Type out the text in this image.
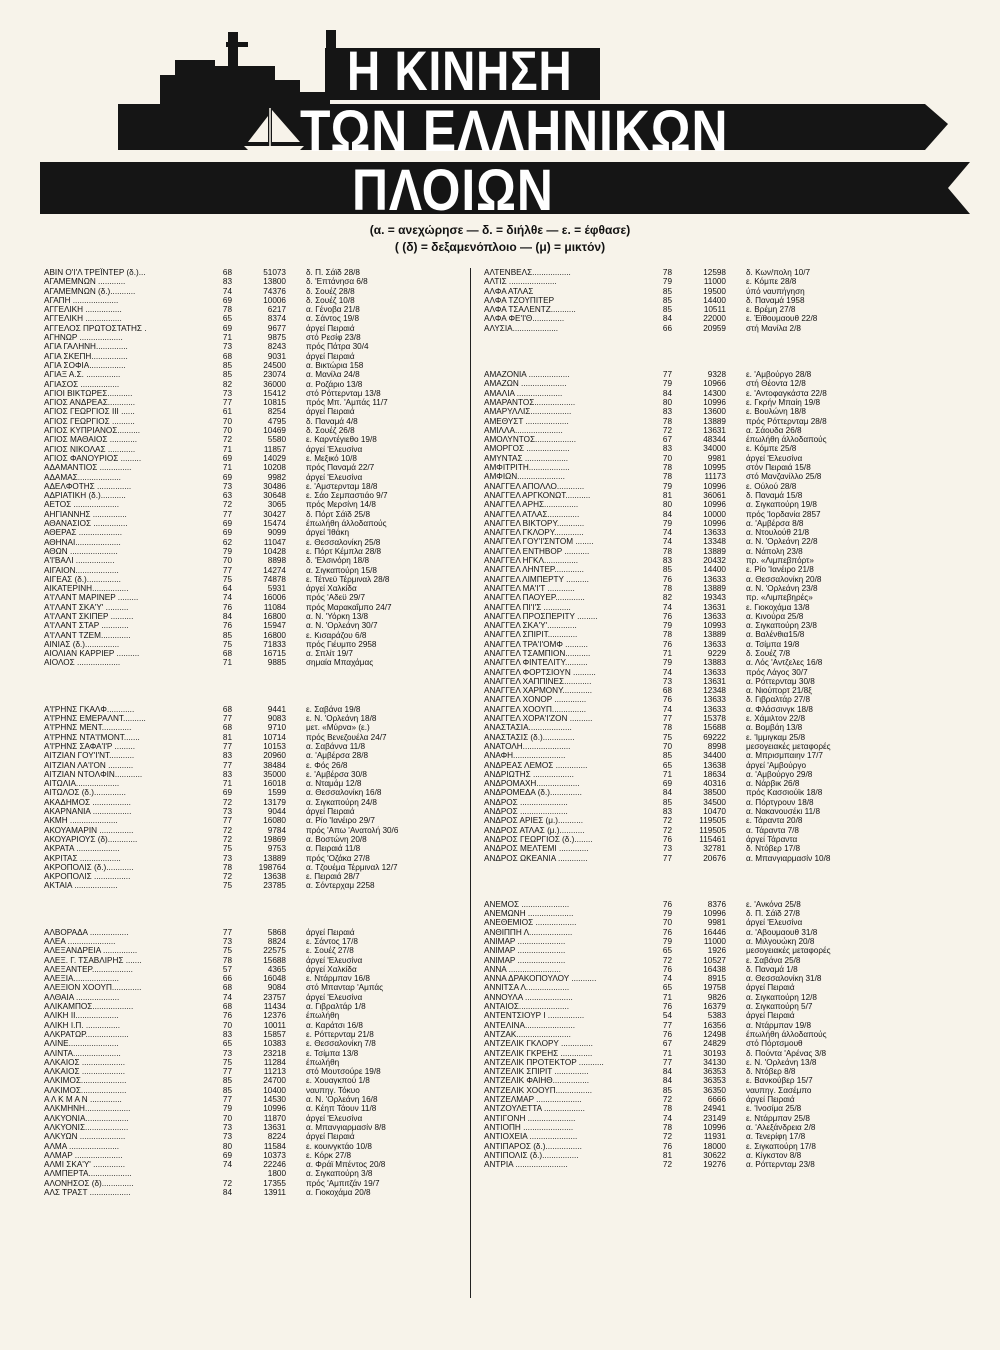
Η ΚΙΝΗΣΗ
ΤΩΝ ΕΛΛΗΝΙΚΩΝ
ΠΛΟΙΩΝ
(α. = ανεχώρησε — δ. = διήλθε — ε. = έφθασε)
( (δ) = δεξαμενόπλοιο — (μ) = μικτόν)
ΑΒΙΝ Ο'Ι'Λ ΤΡΕΪΝΤΕΡ (δ.)...	68	51073 δ. Π. Σάϊδ 28/8
ΑΓΑΜΕΜΝΩΝ ............	83	13800 δ. 'Επτάνησα 6/8
ΑΓΑΜΕΜΝΩΝ (δ.)...........	74	74376 δ. Σουέζ 28/8
ΑΓΑΠΗ ....................	69	10006 δ. Σουέζ 10/8
ΑΓΓΕΛΙΚΗ ................	78	6217 α. Γένοβα 21/8
ΑΓΓΕΛΙΚΗ ................	65	8374 α. Σάντος 19/8
ΑΓΓΕΛΟΣ ΠΡΩΤΟΣΤΑΤΗΣ .	69	9677 άργεί Πειραιά
ΑΓΗΝΩΡ ...................	71	9875 στό Ρεσίφ 23/8
ΑΓΙΑ ΓΑΛΗΝΗ..............	73	8243 πρός Πάτρα 30/4
ΑΓΙΑ ΣΚΕΠΗ................	68	9031 άργεί Πειραιά
ΑΓΙΑ ΣΟΦΙΑ................	85	24500 α. Βικτώρια 158
ΑΓΙΑΞ Α.Σ. ...............	85	23074 α. Μανίλα 24/8
ΑΓΙΑΣΟΣ .................	82	36000 α. Ροζάριο 13/8
ΑΓΙΟΙ ΒΙΚΤΩΡΕΣ...........	73	15412 στό Ρόττερνταμ 13/8
ΑΓΙΟΣ ΑΝΔΡΕΑΣ............	77	10815 πρός Μπ. 'Αμπάς 11/7
ΑΓΙΟΣ ΓΕΩΡΓΙΟΣ ΙΙΙ ......	61	8254 άργεί Πειραιά
ΑΓΙΟΣ ΓΕΩΡΓΙΟΣ ..........	70	4795 δ. Παναμά 4/8
ΑΓΙΟΣ ΚΥΠΡΙΑΝΟΣ..........	70	10469 δ. Σουέζ 26/8
ΑΓΙΟΣ ΜΑΘΑΙΟΣ ............	72	5580 ε. Καρντέγιεθο 19/8
ΑΓΙΟΣ ΝΙΚΟΛΑΣ ............	71	11857 άργεί 'Ελευσίνα
ΑΓΙΟΣ ΦΑΝΟΥΡΙΟΣ .........	69	14029 ε. Μεξικό 10/8
ΑΔΑΜΑΝΤΙΟΣ ..............	71	10208 πρός Παναμά 22/7
ΑΔΑΜΑΣ...................	69	9982 άργεί 'Ελευσίνα
ΑΔΕΛΦΟΤΗΣ ...............	73	30486 ε. 'Αμστερνταμ 18/8
ΑΔΡΙΑΤΙΚΗ (δ.)...........	63	30648 ε. Σάο Σεμπαστιάο 9/7
ΑΕΤΟΣ ....................	72	3065 πρός Μερσίνη 14/8
ΑΗΓΙΑΝΝΗΣ ...............	77	30427 δ. Πόρτ Σάϊδ 25/8
ΑΘΑΝΑΣΙΟΣ ...............	69	15474 έπωλήθη άλλοδαπούς
ΑΘΕΡΑΣ ...................	69	9099 άργεί 'Ιθάκη
ΑΘΗΝΑΙ....................	62	11047 ε. Θεσσαλονίκη 25/8
ΑΘΩΝ .....................	79	10428 ε. Πόρτ Κέμπλα 28/8
Α'Ι'ΒΑΛΙ .................	70	8898 δ. 'Ελσινόρη 18/8
ΑΙΓΑΙΟΝ...................	77	14274 α. Σιγκαπούρη 15/8
ΑΙΓΕΑΣ (δ.)...............	75	74878 ε. Τέτνεϋ Τέρμιναλ 28/8
ΑΙΚΑΤΕΡΙΝΗ................	64	5931 άργεί Χαλκίδα
Α'Ι'ΛΑΝΤ ΜΑΡΙΝΕΡ .........	74	16006 πρός 'Αδεϋ 29/7
Α'Ι'ΛΑΝΤ ΣΚΑ'Υ' ..........	76	11084 πρός Μαρακαΐμπο 24/7
Α'Ι'ΛΑΝΤ ΣΚΙΠΕΡ ..........	84	16800 α. Ν. 'Υόρκη 13/8
Α'Ι'ΛΑΝΤ ΣΤΑΡ ............	76	15947 α. Ν. 'Ορλεάνη 30/7
Α'Ι'ΛΑΝΤ ΤΖΕΜ.............	85	16800 ε. Κισαράζου 6/8
ΑΙΝΙΑΣ (δ.)...............	75	71833 πρός Γιέυμπο 2958
ΑΙΟΛΙΑΝ ΚΑΡΡΙΕΡ ..........	68	16715 α. Σπλίτ 19/7
ΑΙΟΛΟΣ ...................	71	9885 σημαία Μπαχάμας
Α'Ι'ΡΗΝΣ ΓΚΑΛΦ............	68	9441 ε. Σαβάνα 19/8
Α'Ι'ΡΗΝΣ ΕΜΕΡΑΛΝΤ..........	77	9083 ε. Ν. 'Ορλεάνη 18/8
Α'Ι'ΡΗΝΣ ΜΕΝΤ.............	68	9710 μετ. «Μύρνα» (ε.)
Α'Ι'ΡΗΝΣ ΝΤΑ'Ι'ΜΟΝΤ.......	81	10714 πρός Βενεζουέλα 24/7
Α'Ι'ΡΗΝΣ ΣΑΦΑ'Ι'Ρ .........	77	10153 α. Σαβάννα 11/8
ΑΙΤΖΙΑΝ ΓΟΥ'Ι'ΝΤ...........	83	20960 α. 'Αμβέρσα 28/8
ΑΙΤΖΙΑΝ ΛΑ'Ι'ΟΝ ...........	77	38484 ε. Φός 26/8
ΑΙΤΖΙΑΝ ΝΤΟΛΦΙΝ............	83	35000 ε. 'Αμβέρσα 30/8
ΑΙΤΩΛΙΑ...................	71	16018 α. Νταμάμ 12/8
ΑΙΤΩΛΟΣ (δ.)..............	69	1599 α. Θεσσαλονίκη 16/8
ΑΚΑΔΗΜΟΣ .................	72	13179 α. Σιγκαπούρη 24/8
ΑΚΑΡΝΑΝΙΑ .................	73	9044 άργεί Πειραιά
ΑΚΜΗ .....................	77	16080 α. Ρίο 'Ιανέιρο 29/7
ΑΚΟΥΑΜΑΡΙΝ ...............	72	9784 πρός 'Απω 'Ανατολή 30/6
ΑΚΟΥΑΡΙΟΥΣ (δ).............	72	19869 α. Βοστώνη 20/8
ΑΚΡΑΤΑ ...................	75	9753 α. Πειραιά 11/8
ΑΚΡΙΤΑΣ ..................	73	13889 πρός 'Οζάκα 27/8
ΑΚΡΟΠΟΛΙΣ (δ.)............	78	198764 α. Τζουέμα Τέρμιναλ 12/7
ΑΚΡΟΠΟΛΙΣ ................	72	13638 ε. Πειραιά 28/7
ΑΚΤΑΙΑ ...................	75	23785 α. Σόντερχαμ 2258
ΑΛΒΟΡΑΔΑ .................	77	5868 άργεί Πειραιά
ΑΛΕΑ .....................	73	8824 ε. Σάντος 17/8
ΑΛΕΞΑΝΔΡΕΙΑ ...............	75	22575 ε. Σουέζ 27/8
ΑΛΕΞ. Γ. ΤΣΑΒΛΙΡΗΣ .......	78	15688 άργεί 'Ελευσίνα
ΑΛΕΞΑΝΤΕΡ..................	57	4365 άργεί Χαλκίδα
ΑΛΕΞΙΑ....................	66	16048 ε. Ντάρμπαν 16/8
ΑΛΕΞΙΟΝ ΧΟΟΥΠ.............	68	9084 στό Μπανταρ 'Αμπάς
ΑΛΘΑΙΑ ...................	74	23757 άργεί 'Ελευσίνα
ΑΛΙΚΑΜΠΟΣ..................	68	11434 α. Γιβραλτάρ 1/8
ΑΛΙΚΗ ΙΙ...................	76	12376 έπωλήθη
ΑΛΙΚΗ Ι.Π. ...............	70	10011 α. Καράτσι 16/8
ΑΛΚΡΑΤΩΡ...................	83	15857 ε. Ρόττερνταμ 21/8
ΑΛΙΝΕ......................	65	10383 ε. Θεσσαλονίκη 7/8
ΑΛΙΝΤΑ.....................	73	23218 ε. Τσίμπα 13/8
ΑΛΚΑΙΟΣ ...................	75	11284 έπωλήθη
ΑΛΚΑΙΟΣ ...................	77	11213 στό Μουτσούρε 19/8
ΑΛΚΙΜΟΣ....................	85	24700 ε. Χουαγκπού 1/8
ΑΛΚΙΜΟΣ....................	85	10400 ναυπηγ. Τόκυο
Α Λ Κ Μ Α Ν ..............	77	14530 α. Ν. 'Ορλεάνη 16/8
ΑΛΚΜΗΝΗ....................	79	10996 α. Κέηπ Τάουν 11/8
ΑΛΚΥΟΝΙΑ...................	70	11870 άργεί 'Ελευσίνα
ΑΛΚΥΟΝΙΣ...................	73	13631 α. Μπανγιαρμασίν 8/8
ΑΛΚΥΩΝ ....................	73	8224 άργεί Πειραιά
ΑΛΜΑ ......................	80	11584 ε. κουινγκτάο 10/8
ΑΛΜΑΡ .....................	69	10373 ε. Κόρκ 27/8
ΑΛΜΙ ΣΚΑ'Υ' ..............	74	22246 α. Φράϊ Μπέντος 20/8
ΑΛΜΠΕΡΤΑ...................	1800 α. Σιγκαπούρη 3/8
ΑΛΟΝΗΣΟΣ (δ)..............	72	17355 πρός 'Αμπιτζάν 19/7
ΑΛΣ ΤΡΑΣΤ ..................	84	13911 α. Γιοκοχάμα 20/8
ΑΛΤΕΝΒΕΛΣ.................	78	12598 δ. Κων/πολη 10/7
ΑΛΤΙΣ .....................	79	11000 ε. Κόμπε 28/8
ΑΛΦΑ ΑΤΛΑΣ	85	19500 ύπό ναυπήγηση
ΑΛΦΑ ΤΖΟΥΠΙΤΕΡ	85	14400 δ. Παναμά 1958
ΑΛΦΑ ΤΣΑΛΕΝΤΖ...........	85	10511 ε. Βρέμη 27/8
ΑΛΦΑ ΦΕ'Ι'Θ..............	84	22000 ε. Έϊθουμαουθ 22/8
ΑΛΥΣΙΑ....................	66	20959 στή Μανίλα 2/8
ΑΜΑΖΟΝΙΑ ..................	77	9328 ε. 'Αμβούργο 28/8
ΑΜΑΖΩΝ ....................	79	10966 στή Θέοντα 12/8
ΑΜΑΛΙΑ ....................	84	14300 ε. 'Αντοφαγκάστα 22/8
ΑΜΑΡΑΝΤΟΣ..................	80	10996 ε. Γκρήν Μπαίη 19/8
ΑΜΑΡΥΛΛΙΣ..................	83	13600 ε. Βουλώνη 18/8
ΑΜΕΘΥΣΤ ...................	78	13889 πρός Ρόττερνταμ 28/8
ΑΜΙΛΛΑ.....................	72	13631 α. Σάουδα 26/8
ΑΜΟΛΥΝΤΟΣ..................	67	48344 έπωλήθη άλλοδαπούς
ΑΜΟΡΓΟΣ ...................	83	34000 ε. Κόμπε 25/8
ΑΜΥΝΤΑΣ ...................	70	9981 άργεί 'Ελευσίνα
ΑΜΦΙΤΡΙΤΗ..................	78	10995 στόν Πειραιά 15/8
ΑΜΦΙΩΝ.....................	78	11173 στό Μανζανίλλο 25/8
ΑΝΑΓΓΕΛ ΑΠΟΛΛΟ............	79	10996 ε. Ούλού 28/8
ΑΝΑΓΓΕΛ ΑΡΓΚΟΝΩΤ...........	81	36061 δ. Παναμά 15/8
ΑΝΑΓΓΕΛ ΑΡΗΣ...............	80	10996 α. Σιγκαπούρη 19/8
ΑΝΑΓΓΕΛ ΑΤΛΑΣ..............	84	10000 πρός 'Ιορδανία 2857
ΑΝΑΓΓΕΛ ΒΙΚΤΟΡΥ............	79	10996 α. 'Αμβέρσα 8/8
ΑΝΑΓΓΕΛ ΓΚΛΟΡΥ.............	74	13633 α. Ντουλούθ 21/8
ΑΝΑΓΓΕΛ ΓΟΥ'Ι'ΣΝΤΟΜ ........	74	13348 α. Ν. 'Ορλεάνη 22/8
ΑΝΑΓΓΕΛ ΕΝΤΗΒΟΡ ...........	78	13889 α. Νάπολη 23/8
ΑΝΑΓΓΕΛ ΗΓΚΛ...............	83	20432 πρ. «Λιμπεβπόρτ»
ΑΝΑΓΓΕΛ ΛΗΝΤΕΡ.............	85	14400 ε. Ρίο 'Ιανέιρο 21/8
ΑΝΑΓΓΕΛ ΛΙΜΠΕΡΤΥ ..........	76	13633 α. Θεσσαλονίκη 20/8
ΑΝΑΓΓΕΛ ΜΑ'Ι'Τ ............	78	13889 α. Ν. 'Ορλεάνη 23/8
ΑΝΑΓΓΕΛ ΠΑΟΥΕΡ.............	82	19343 πρ. «Λιμπεβηρές»
ΑΝΑΓΓΕΛ ΠΙ'Ι'Σ ............	74	13631 ε. Γιοκοχάμα 13/8
ΑΝΑΓΓΕΛ ΠΡΟΣΠΕΡΙΤΥ .........	76	13633 α. Κινούρα 25/8
ΑΝΑΓΓΕΛ ΣΚΑ'Υ'.............	79	10993 α. Σιγκαπούρη 23/8
ΑΝΑΓΓΕΛ ΣΠΙΡΙΤ.............	78	13889 α. Βαλένθια15/8
ΑΝΑΓΓΕΛ ΤΡΑ'Ι'ΟΜΦ ..........	76	13633 α. Τσίμπα 19/8
ΑΝΑΓΓΕΛ ΤΣΑΜΠΙΟΝ...........	71	9229 δ. Σουέζ 7/8
ΑΝΑΓΓΕΛ ΦΙΝΤΕΛΙΤΥ..........	79	13883 α. Λός 'Αντζελες 16/8
ΑΝΑΓΓΕΛ ΦΟΡΤΣΙΟΥΝ ..........	74	13633 πρός Λάγος 30/7
ΑΝΑΓΓΕΛ ΧΑΠΠΙΝΕΣ............	73	13631 α. Ρόττερνταμ 30/8
ΑΝΑΓΓΕΛ ΧΑΡΜΟΝΥ.............	68	12348 α. Νιούπορτ 21/8ξ
ΑΝΑΓΓΕΛ ΧΟΝΟΡ ..............	76	13633 δ. Γιβραλτάρ 27/8
ΑΝΑΓΓΕΛ ΧΟΟΥΠ...............	74	13633 α. Φλάσσινγκ 18/8
ΑΝΑΓΓΕΛ ΧΟΡΑ'Ι'ΖΟΝ ..........	77	15378 ε. Χάμιλτον 22/8
ΑΝΑΣΤΑΣΙΑ...................	78	15688 α. Βομβάη 13/8
ΑΝΑΣΤΑΣΙΣ (δ.)..............	75	69222 ε. 'Ιμμιγκαμ 25/8
ΑΝΑΤΟΛΗ.....................	70	8998 μεσογειακές μεταφορές
ΑΝΑΦΗ.......................	85	34400 α. Μπρισμπαιην 17/7
ΑΝΔΡΕΑΣ ΛΕΜΟΣ ..............	65	13638 άργεί 'Αμβούργο
ΑΝΔΡΙΩΤΗΣ ..................	71	18634 α. 'Αμβούργο 29/8
ΑΝΔΡΟΜΑΧΗ...................	69	40316 α. Νάρβικ 26/8
ΑΝΔΡΟΜΕΔΑ (δ.)..............	84	38500 πρός Κασσιούϊκ 18/8
ΑΝΔΡΟΣ .....................	85	34500 α. Πόρτγρουν 18/8
ΑΝΔΡΟΣ .....................	83	10470 α. Νακανουσέκι 11/8
ΑΝΔΡΟΣ ΑΡΙΕΣ (μ.)...........	72	119505 ε. Τάραντα 20/8
ΑΝΔΡΟΣ ΑΤΛΑΣ (μ.)...........	72	119505 α. Τάραντα 7/8
ΑΝΔΡΟΣ ΓΕΩΡΓΙΟΣ (δ.)........	76	115461 άργεί Τάραντα
ΑΝΔΡΟΣ ΜΕΛΤΕΜΙ .............	73	32781 δ. Ντόβερ 17/8
ΑΝΔΡΟΣ ΩΚΕΑΝΙΑ .............	77	20676 α. Μπανγιαρμασίν 10/8
ΑΝΕΜΟΣ .....................	76	8376 ε. 'Ανκόνα 25/8
ΑΝΕΜΩΝΗ ....................	79	10996 δ. Π. Σάϊδ 27/8
ΑΝΕΘΕΜΙΟΣ ..................	70	9981 άργεί 'Ελευσίνα
ΑΝΘΙΠΠΗ Λ...................	76	16446 α. 'Αβουμαουθ 31/8
ΑΝΙΜΑΡ .....................	79	11000 α. Μιλγουώκη 20/8
ΑΝΙΜΑΡ .....................	65	1926 μεσογειακές μεταφορές
ΑΝΙΜΑΡ .....................	72	10527 ε. Σαβάνα 25/8
ΑΝΝΑ .......................	76	16438 δ. Παναμά 1/8
ΑΝΝΑ ΔΡΑΚΟΠΟΥΛΟΥ ...........	74	8915 α. Θεσσαλονίκη 31/8
ΑΝΝΙΤΣΑ Λ...................	65	19758 άργεί Πειραιά
ΑΝΝΟΥΛΑ .....................	71	9826 α. Σιγκαπούρη 12/8
ΑΝΤΑΙΟΣ......................	76	16379 α. Σιγκαπούρη 5/7
ΑΝΤΕΝΤΣΙΟΥΡ Ι ................	54	5383 άργεί Πειραιά
ΑΝΤΕΛΙΝΑ......................	77	16356 α. Ντάρμπαν 19/8
ΑΝΤΖΑΚ........................	76	12498 έπωλήθη άλλοδαπούς
ΑΝΤΖΕΛΙΚ ΓΚΛΟΡΥ ..............	67	24829 στό Πόρτσμουθ
ΑΝΤΖΕΛΙΚ ΓΚΡΕΗΣ ..............	71	30193 δ. Πούντα 'Αρένας 3/8
ΑΝΤΖΕΛΙΚ ΠΡΟΤΕΚΤΟΡ ...........	77	34130 ε. Ν. 'Ορλεάνη 13/8
ΑΝΤΖΕΛΙΚ ΣΠΙΡΙΤ ...............	84	36353 δ. Ντόβερ 8/8
ΑΝΤΖΕΛΙΚ ΦΑΙΗΘ................	84	36353 ε. Βανκούβερ 15/7
ΑΝΤΖΕΛΙΚ ΧΟΟΥΠ................	85	36350 ναυπηγ. Σασέμπο
ΑΝΤΖΕΛΜΑΡ ....................	72	6666 άργεί Πειραιά
ΑΝΤΖΟΥΛΕΤΤΑ ..................	78	24941 ε. 'Ινοσίμα 25/8
ΑΝΤΙΓΟΝΗ .....................	74	23149 ε. Ντάρμπαν 25/8
ΑΝΤΙΟΠΗ ......................	78	10996 α. 'Αλεξάνδρεια 2/8
ΑΝΤΙΟΧΕΙΑ .....................	72	11931 α. Τενερίφη 17/8
ΑΝΤΙΠΑΡΟΣ (δ.)................	76	18000 ε. Σιγκαπούρη 17/8
ΑΝΤΙΠΟΛΙΣ (δ.)................	81	30622 α. Κίγκστον 8/8
ΑΝΤΡΙΑ .......................	72	19276 α. Ρόττερνταμ 23/8
